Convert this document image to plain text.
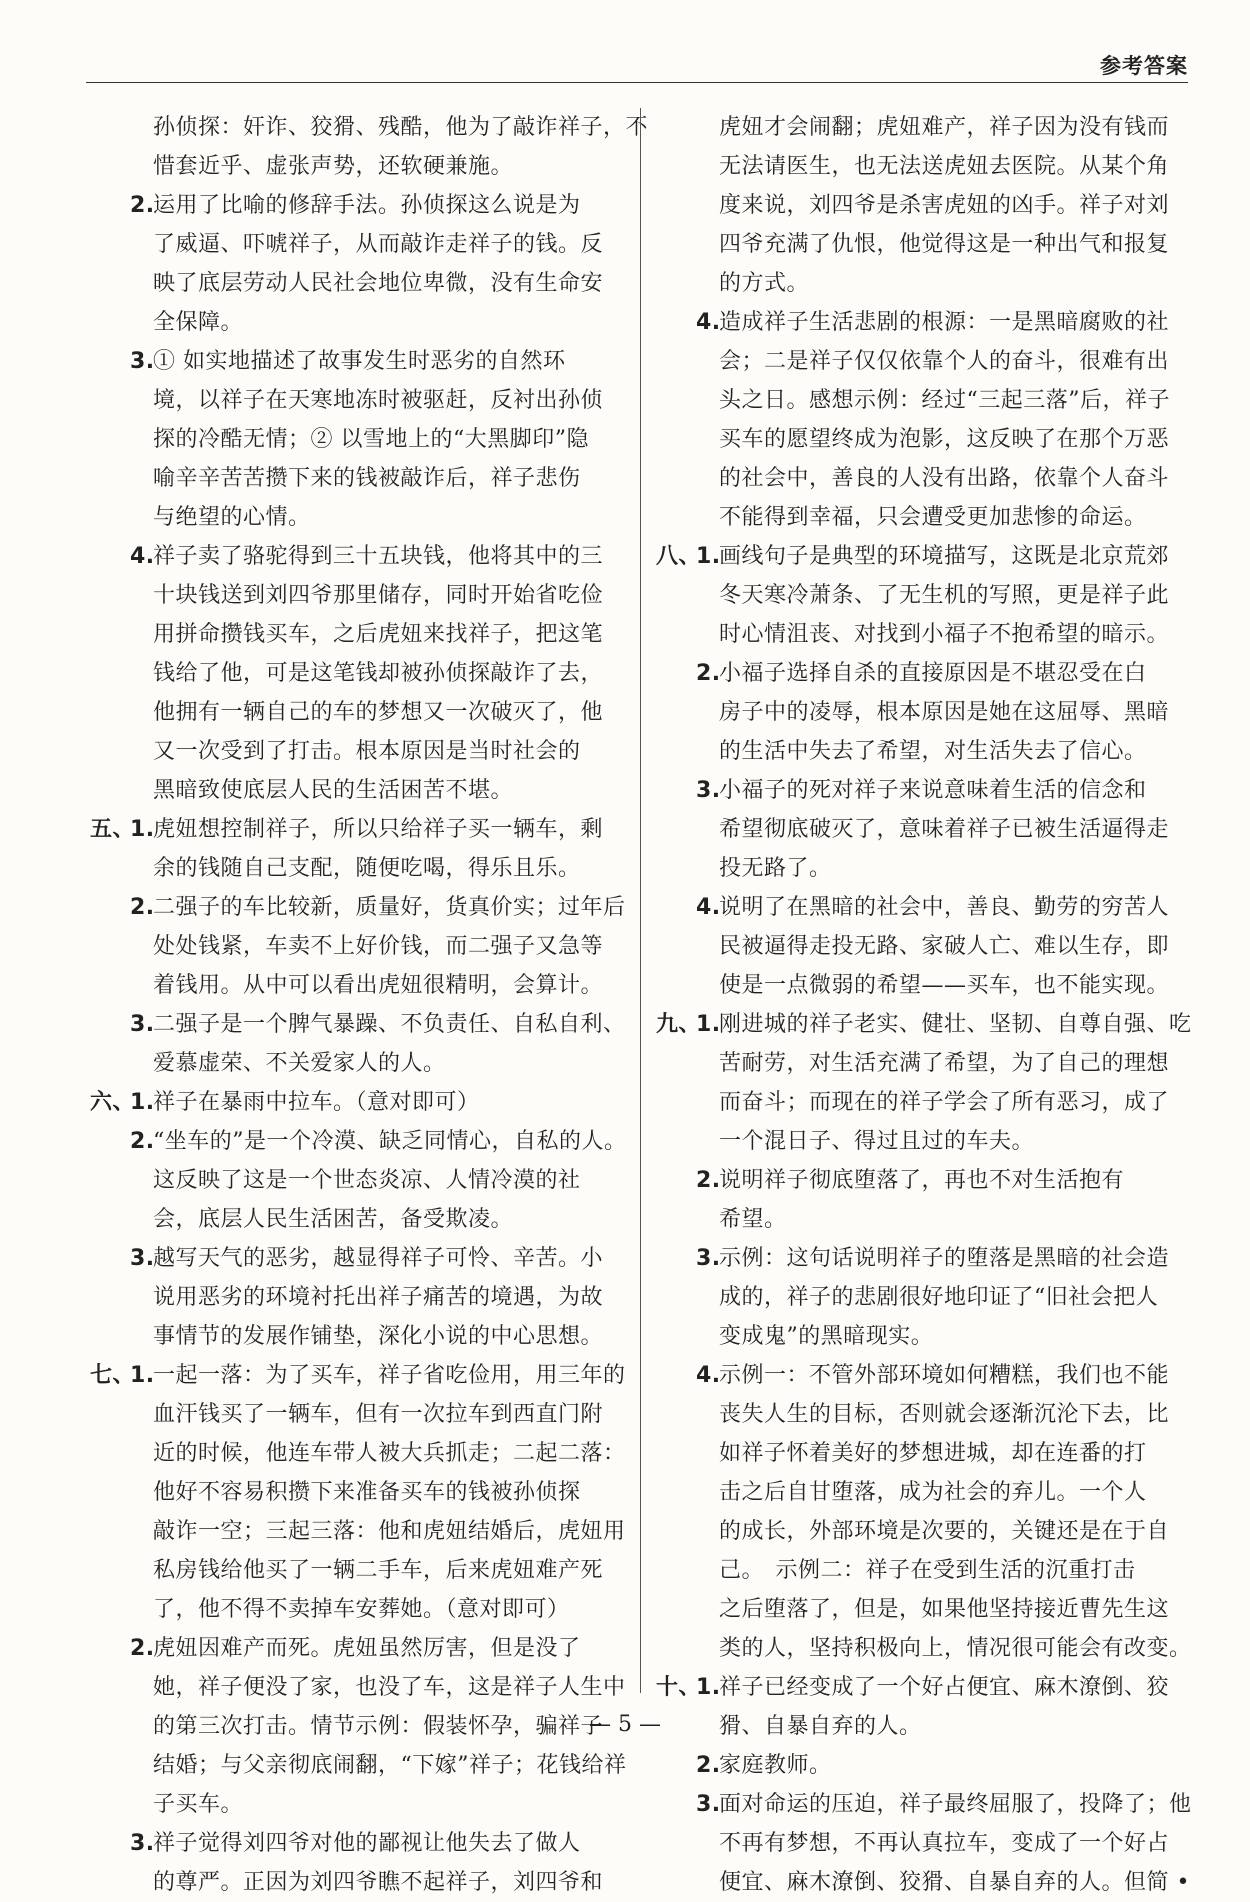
参考答案
孙侦探：奸诈、狡猾、残酷，他为了敲诈祥子，不
惜套近乎、虚张声势，还软硬兼施。
2.
运用了比喻的修辞手法。孙侦探这么说是为
了威逼、吓唬祥子，从而敲诈走祥子的钱。反
映了底层劳动人民社会地位卑微，没有生命安
全保障。
3.
① 如实地描述了故事发生时恶劣的自然环
境，以祥子在天寒地冻时被驱赶，反衬出孙侦
探的冷酷无情；② 以雪地上的“大黑脚印”隐
喻辛辛苦苦攒下来的钱被敲诈后，祥子悲伤
与绝望的心情。
4.
祥子卖了骆驼得到三十五块钱，他将其中的三
十块钱送到刘四爷那里储存，同时开始省吃俭
用拼命攒钱买车，之后虎妞来找祥子，把这笔
钱给了他，可是这笔钱却被孙侦探敲诈了去，
他拥有一辆自己的车的梦想又一次破灭了，他
又一次受到了打击。根本原因是当时社会的
黑暗致使底层人民的生活困苦不堪。
五、
1.
虎妞想控制祥子，所以只给祥子买一辆车，剩
余的钱随自己支配，随便吃喝，得乐且乐。
2.
二强子的车比较新，质量好，货真价实；过年后
处处钱紧，车卖不上好价钱，而二强子又急等
着钱用。从中可以看出虎妞很精明，会算计。
3.
二强子是一个脾气暴躁、不负责任、自私自利、
爱慕虚荣、不关爱家人的人。
六、
1.
祥子在暴雨中拉车。（意对即可）
2.
“坐车的”是一个冷漠、缺乏同情心，自私的人。
这反映了这是一个世态炎凉、人情冷漠的社
会，底层人民生活困苦，备受欺凌。
3.
越写天气的恶劣，越显得祥子可怜、辛苦。小
说用恶劣的环境衬托出祥子痛苦的境遇，为故
事情节的发展作铺垫，深化小说的中心思想。
七、
1.
一起一落：为了买车，祥子省吃俭用，用三年的
血汗钱买了一辆车，但有一次拉车到西直门附
近的时候，他连车带人被大兵抓走；二起二落：
他好不容易积攒下来准备买车的钱被孙侦探
敲诈一空；三起三落：他和虎妞结婚后，虎妞用
私房钱给他买了一辆二手车，后来虎妞难产死
了，他不得不卖掉车安葬她。（意对即可）
2.
虎妞因难产而死。虎妞虽然厉害，但是没了
她，祥子便没了家，也没了车，这是祥子人生中
的第三次打击。情节示例：假装怀孕，骗祥子
结婚；与父亲彻底闹翻，“下嫁”祥子；花钱给祥
子买车。
3.
祥子觉得刘四爷对他的鄙视让他失去了做人
的尊严。正因为刘四爷瞧不起祥子，刘四爷和
虎妞才会闹翻；虎妞难产，祥子因为没有钱而
无法请医生，也无法送虎妞去医院。从某个角
度来说，刘四爷是杀害虎妞的凶手。祥子对刘
四爷充满了仇恨，他觉得这是一种出气和报复
的方式。
4.
造成祥子生活悲剧的根源：一是黑暗腐败的社
会；二是祥子仅仅依靠个人的奋斗，很难有出
头之日。感想示例：经过“三起三落”后，祥子
买车的愿望终成为泡影，这反映了在那个万恶
的社会中，善良的人没有出路，依靠个人奋斗
不能得到幸福，只会遭受更加悲惨的命运。
八、
1.
画线句子是典型的环境描写，这既是北京荒郊
冬天寒冷萧条、了无生机的写照，更是祥子此
时心情沮丧、对找到小福子不抱希望的暗示。
2.
小福子选择自杀的直接原因是不堪忍受在白
房子中的凌辱，根本原因是她在这屈辱、黑暗
的生活中失去了希望，对生活失去了信心。
3.
小福子的死对祥子来说意味着生活的信念和
希望彻底破灭了，意味着祥子已被生活逼得走
投无路了。
4.
说明了在黑暗的社会中，善良、勤劳的穷苦人
民被逼得走投无路、家破人亡、难以生存，即
使是一点微弱的希望——买车，也不能实现。
九、
1.
刚进城的祥子老实、健壮、坚韧、自尊自强、吃
苦耐劳，对生活充满了希望，为了自己的理想
而奋斗；而现在的祥子学会了所有恶习，成了
一个混日子、得过且过的车夫。
2.
说明祥子彻底堕落了，再也不对生活抱有
希望。
3.
示例：这句话说明祥子的堕落是黑暗的社会造
成的，祥子的悲剧很好地印证了“旧社会把人
变成鬼”的黑暗现实。
4.
示例一：不管外部环境如何糟糕，我们也不能
丧失人生的目标，否则就会逐渐沉沦下去，比
如祥子怀着美好的梦想进城，却在连番的打
击之后自甘堕落，成为社会的弃儿。一个人
的成长，外部环境是次要的，关键还是在于自
己。　示例二：祥子在受到生活的沉重打击
之后堕落了，但是，如果他坚持接近曹先生这
类的人，坚持积极向上，情况很可能会有改变。
十、
1.
祥子已经变成了一个好占便宜、麻木潦倒、狡
猾、自暴自弃的人。
2.
家庭教师。
3.
面对命运的压迫，祥子最终屈服了，投降了；他
不再有梦想，不再认真拉车，变成了一个好占
便宜、麻木潦倒、狡猾、自暴自弃的人。但简 •
— 5 —
